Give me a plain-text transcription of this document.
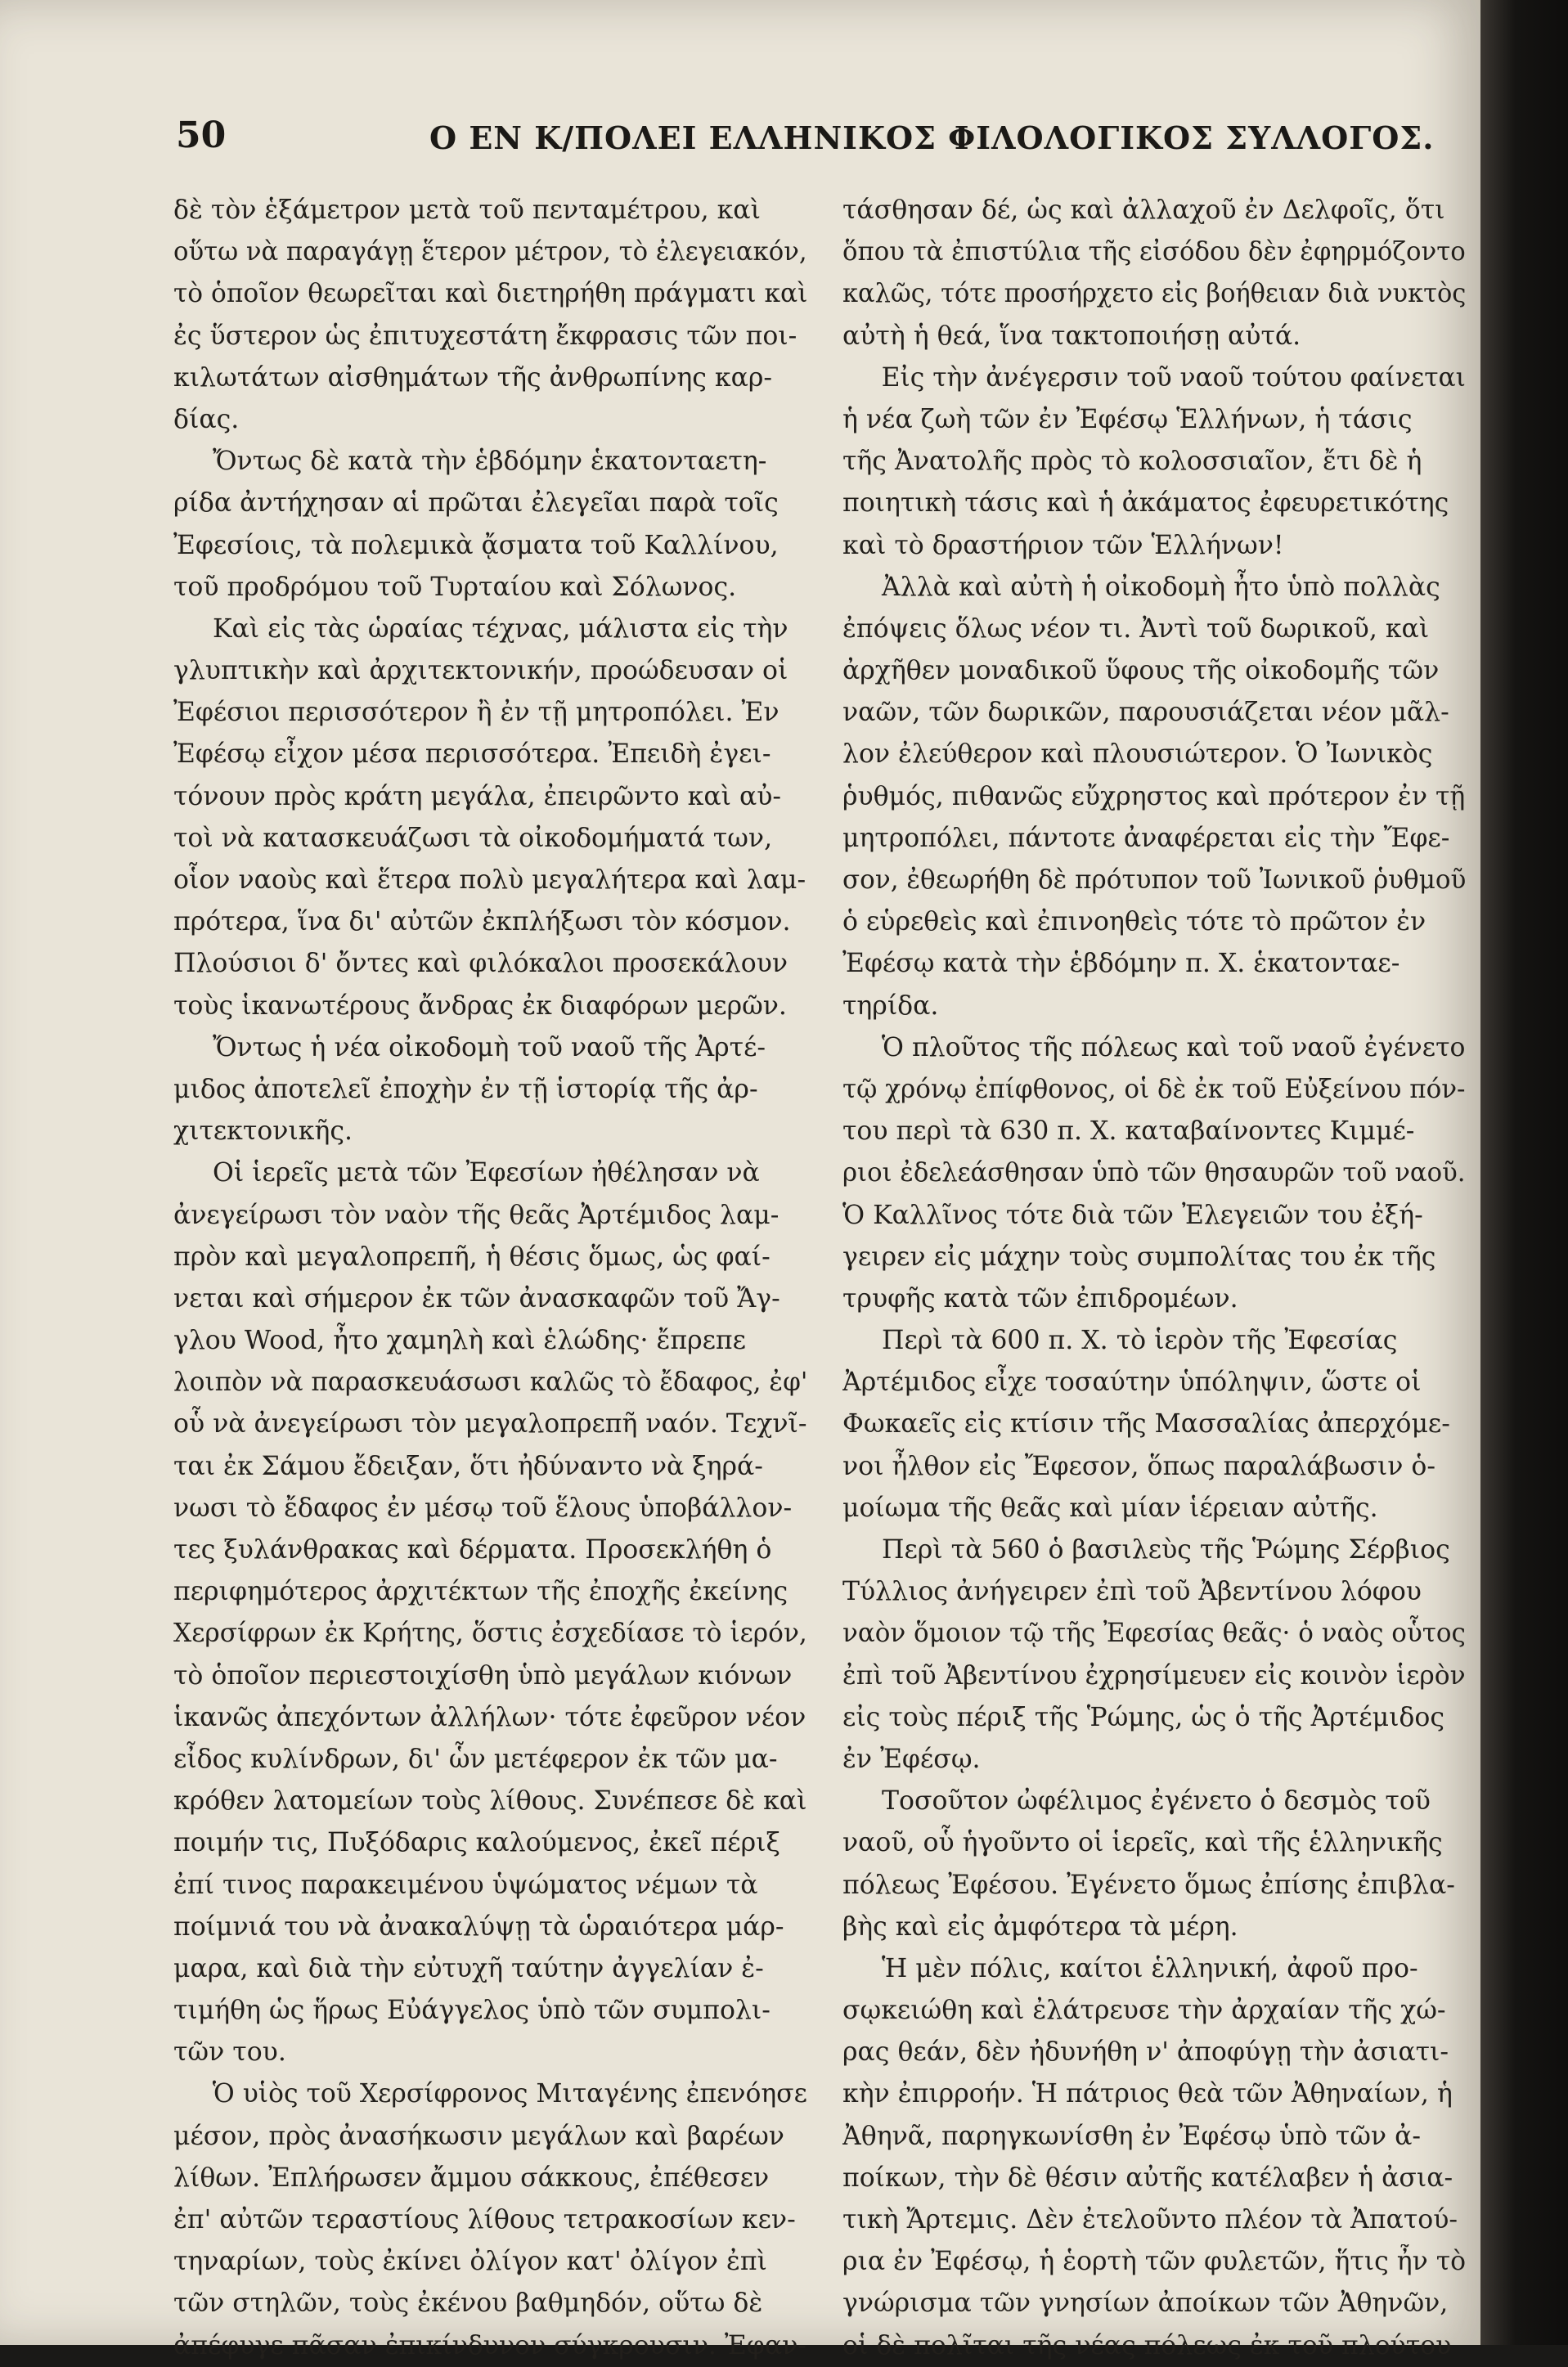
50	Ο ΕΝ Κ/ΠΟΛΕΙ ΕΛΛΗΝΙΚΟΣ ΦΙΛΟΛΟΓΙΚΟΣ ΣΥΛΛΟΓΟΣ.
δὲ τὸν ἑξάμετρον μετὰ τοῦ πενταμέτρου, καὶ
οὕτω νὰ παραγάγῃ ἕτερον μέτρον, τὸ ἐλεγειακόν,
τὸ ὁποῖον θεωρεῖται καὶ διετηρήθη πράγματι καὶ
ἐς ὕστερον ὡς ἐπιτυχεστάτη ἔκφρασις τῶν ποι-
κιλωτάτων αἰσθημάτων τῆς ἀνθρωπίνης καρ-
δίας.
Ὄντως δὲ κατὰ τὴν ἑβδόμην ἑκατονταετη-
ρίδα ἀντήχησαν αἱ πρῶται ἐλεγεῖαι παρὰ τοῖς
Ἐφεσίοις, τὰ πολεμικὰ ᾄσματα τοῦ Καλλίνου,
τοῦ προδρόμου τοῦ Τυρταίου καὶ Σόλωνος.
Καὶ εἰς τὰς ὡραίας τέχνας, μάλιστα εἰς τὴν
γλυπτικὴν καὶ ἀρχιτεκτονικήν, προώδευσαν οἱ
Ἐφέσιοι περισσότερον ἢ ἐν τῇ μητροπόλει. Ἐν
Ἐφέσῳ εἶχον μέσα περισσότερα. Ἐπειδὴ ἐγει-
τόνουν πρὸς κράτη μεγάλα, ἐπειρῶντο καὶ αὐ-
τοὶ νὰ κατασκευάζωσι τὰ οἰκοδομήματά των,
οἷον ναοὺς καὶ ἕτερα πολὺ μεγαλήτερα καὶ λαμ-
πρότερα, ἵνα δι' αὐτῶν ἐκπλήξωσι τὸν κόσμον.
Πλούσιοι δ' ὄντες καὶ φιλόκαλοι προσεκάλουν
τοὺς ἱκανωτέρους ἄνδρας ἐκ διαφόρων μερῶν.
Ὄντως ἡ νέα οἰκοδομὴ τοῦ ναοῦ τῆς Ἀρτέ-
μιδος ἀποτελεῖ ἐποχὴν ἐν τῇ ἱστορίᾳ τῆς ἀρ-
χιτεκτονικῆς.
Οἱ ἱερεῖς μετὰ τῶν Ἐφεσίων ἠθέλησαν νὰ
ἀνεγείρωσι τὸν ναὸν τῆς θεᾶς Ἀρτέμιδος λαμ-
πρὸν καὶ μεγαλοπρεπῆ, ἡ θέσις ὅμως, ὡς φαί-
νεται καὶ σήμερον ἐκ τῶν ἀνασκαφῶν τοῦ Ἄγ-
γλου Wood, ἦτο χαμηλὴ καὶ ἑλώδης· ἔπρεπε
λοιπὸν νὰ παρασκευάσωσι καλῶς τὸ ἔδαφος, ἐφ'
οὗ νὰ ἀνεγείρωσι τὸν μεγαλοπρεπῆ ναόν. Τεχνῖ-
ται ἐκ Σάμου ἔδειξαν, ὅτι ἠδύναντο νὰ ξηρά-
νωσι τὸ ἔδαφος ἐν μέσῳ τοῦ ἕλους ὑποβάλλον-
τες ξυλάνθρακας καὶ δέρματα. Προσεκλήθη ὁ
περιφημότερος ἀρχιτέκτων τῆς ἐποχῆς ἐκείνης
Χερσίφρων ἐκ Κρήτης, ὅστις ἐσχεδίασε τὸ ἱερόν,
τὸ ὁποῖον περιεστοιχίσθη ὑπὸ μεγάλων κιόνων
ἱκανῶς ἀπεχόντων ἀλλήλων· τότε ἐφεῦρον νέον
εἶδος κυλίνδρων, δι' ὧν μετέφερον ἐκ τῶν μα-
κρόθεν λατομείων τοὺς λίθους. Συνέπεσε δὲ καὶ
ποιμήν τις, Πυξόδαρις καλούμενος, ἐκεῖ πέριξ
ἐπί τινος παρακειμένου ὑψώματος νέμων τὰ
ποίμνιά του νὰ ἀνακαλύψῃ τὰ ὡραιότερα μάρ-
μαρα, καὶ διὰ τὴν εὐτυχῆ ταύτην ἀγγελίαν ἐ-
τιμήθη ὡς ἥρως Εὐάγγελος ὑπὸ τῶν συμπολι-
τῶν του.
Ὁ υἱὸς τοῦ Χερσίφρονος Μιταγένης ἐπενόησε
μέσον, πρὸς ἀνασήκωσιν μεγάλων καὶ βαρέων
λίθων. Ἐπλήρωσεν ἄμμου σάκκους, ἐπέθεσεν
ἐπ' αὐτῶν τεραστίους λίθους τετρακοσίων κεν-
τηναρίων, τοὺς ἐκίνει ὀλίγον κατ' ὀλίγον ἐπὶ
τῶν στηλῶν, τοὺς ἐκένου βαθμηδόν, οὕτω δὲ
ἀπέφυγε πᾶσαν ἐπικίνδυνον σύγκρουσιν. Ἐφαν-
τάσθησαν δέ, ὡς καὶ ἀλλαχοῦ ἐν Δελφοῖς, ὅτι
ὅπου τὰ ἐπιστύλια τῆς εἰσόδου δὲν ἐφηρμόζοντο
καλῶς, τότε προσήρχετο εἰς βοήθειαν διὰ νυκτὸς
αὐτὴ ἡ θεά, ἵνα τακτοποιήσῃ αὐτά.
Εἰς τὴν ἀνέγερσιν τοῦ ναοῦ τούτου φαίνεται
ἡ νέα ζωὴ τῶν ἐν Ἐφέσῳ Ἑλλήνων, ἡ τάσις
τῆς Ἀνατολῆς πρὸς τὸ κολοσσιαῖον, ἔτι δὲ ἡ
ποιητικὴ τάσις καὶ ἡ ἀκάματος ἐφευρετικότης
καὶ τὸ δραστήριον τῶν Ἑλλήνων!
Ἀλλὰ καὶ αὐτὴ ἡ οἰκοδομὴ ἦτο ὑπὸ πολλὰς
ἐπόψεις ὅλως νέον τι. Ἀντὶ τοῦ δωρικοῦ, καὶ
ἀρχῆθεν μοναδικοῦ ὕφους τῆς οἰκοδομῆς τῶν
ναῶν, τῶν δωρικῶν, παρουσιάζεται νέον μᾶλ-
λον ἐλεύθερον καὶ πλουσιώτερον. Ὁ Ἰωνικὸς
ῥυθμός, πιθανῶς εὔχρηστος καὶ πρότερον ἐν τῇ
μητροπόλει, πάντοτε ἀναφέρεται εἰς τὴν Ἔφε-
σον, ἐθεωρήθη δὲ πρότυπον τοῦ Ἰωνικοῦ ῥυθμοῦ
ὁ εὑρεθεὶς καὶ ἐπινοηθεὶς τότε τὸ πρῶτον ἐν
Ἐφέσῳ κατὰ τὴν ἑβδόμην π. Χ. ἑκατονταε-
τηρίδα.
Ὁ πλοῦτος τῆς πόλεως καὶ τοῦ ναοῦ ἐγένετο
τῷ χρόνῳ ἐπίφθονος, οἱ δὲ ἐκ τοῦ Εὐξείνου πόν-
του περὶ τὰ 630 π. Χ. καταβαίνοντες Κιμμέ-
ριοι ἐδελεάσθησαν ὑπὸ τῶν θησαυρῶν τοῦ ναοῦ.
Ὁ Καλλῖνος τότε διὰ τῶν Ἐλεγειῶν του ἐξή-
γειρεν εἰς μάχην τοὺς συμπολίτας του ἐκ τῆς
τρυφῆς κατὰ τῶν ἐπιδρομέων.
Περὶ τὰ 600 π. Χ. τὸ ἱερὸν τῆς Ἐφεσίας
Ἀρτέμιδος εἶχε τοσαύτην ὑπόληψιν, ὥστε οἱ
Φωκαεῖς εἰς κτίσιν τῆς Μασσαλίας ἀπερχόμε-
νοι ἦλθον εἰς Ἔφεσον, ὅπως παραλάβωσιν ὁ-
μοίωμα τῆς θεᾶς καὶ μίαν ἱέρειαν αὐτῆς.
Περὶ τὰ 560 ὁ βασιλεὺς τῆς Ῥώμης Σέρβιος
Τύλλιος ἀνήγειρεν ἐπὶ τοῦ Ἀβεντίνου λόφου
ναὸν ὅμοιον τῷ τῆς Ἐφεσίας θεᾶς· ὁ ναὸς οὗτος
ἐπὶ τοῦ Ἀβεντίνου ἐχρησίμευεν εἰς κοινὸν ἱερὸν
εἰς τοὺς πέριξ τῆς Ῥώμης, ὡς ὁ τῆς Ἀρτέμιδος
ἐν Ἐφέσῳ.
Τοσοῦτον ὠφέλιμος ἐγένετο ὁ δεσμὸς τοῦ
ναοῦ, οὗ ἡγοῦντο οἱ ἱερεῖς, καὶ τῆς ἑλληνικῆς
πόλεως Ἐφέσου. Ἐγένετο ὅμως ἐπίσης ἐπιβλα-
βὴς καὶ εἰς ἀμφότερα τὰ μέρη.
Ἡ μὲν πόλις, καίτοι ἑλληνική, ἀφοῦ προ-
σῳκειώθη καὶ ἐλάτρευσε τὴν ἀρχαίαν τῆς χώ-
ρας θεάν, δὲν ἠδυνήθη ν' ἀποφύγῃ τὴν ἀσιατι-
κὴν ἐπιρροήν. Ἡ πάτριος θεὰ τῶν Ἀθηναίων, ἡ
Ἀθηνᾶ, παρηγκωνίσθη ἐν Ἐφέσῳ ὑπὸ τῶν ἀ-
ποίκων, τὴν δὲ θέσιν αὐτῆς κατέλαβεν ἡ ἀσια-
τικὴ Ἄρτεμις. Δὲν ἐτελοῦντο πλέον τὰ Ἀπατού-
ρια ἐν Ἐφέσῳ, ἡ ἑορτὴ τῶν φυλετῶν, ἥτις ἦν τὸ
γνώρισμα τῶν γνησίων ἀποίκων τῶν Ἀθηνῶν,
οἱ δὲ πολῖται τῆς νέας πόλεως ἐκ τοῦ πλούτου
